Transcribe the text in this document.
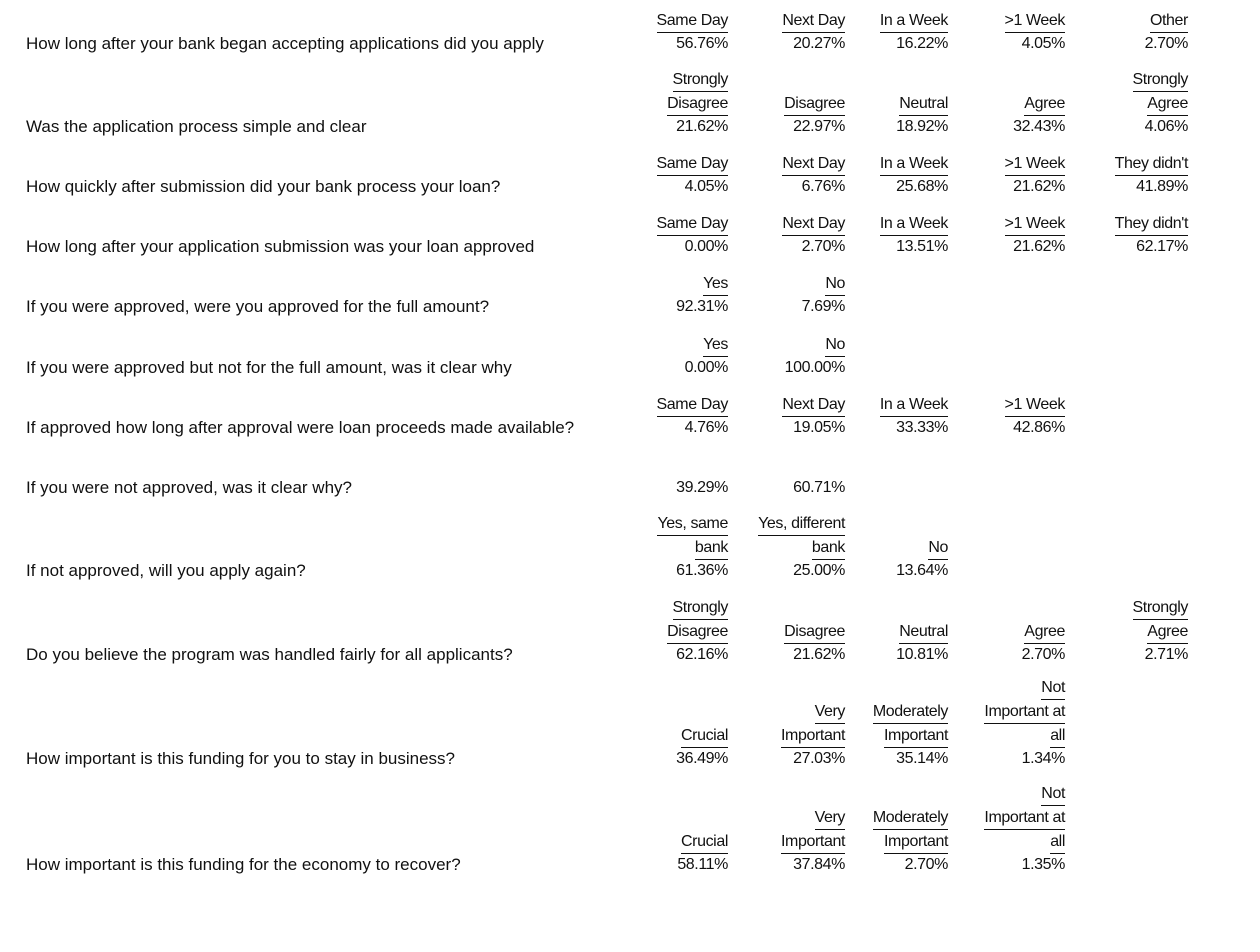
How long after your bank began accepting applications did you apply
Same Day
56.76%
Next Day
20.27%
In a Week
16.22%
>1 Week
4.05%
Other
2.70%
Was the application process simple and clear
Strongly
Disagree
21.62%
Disagree
22.97%
Neutral
18.92%
Agree
32.43%
Strongly
Agree
4.06%
How quickly after submission did your bank process your loan?
Same Day
4.05%
Next Day
6.76%
In a Week
25.68%
>1 Week
21.62%
They didn't
41.89%
How long after your application submission was your loan approved
Same Day
0.00%
Next Day
2.70%
In a Week
13.51%
>1 Week
21.62%
They didn't
62.17%
If you were approved, were you approved for the full amount?
Yes
92.31%
No
7.69%
If you were approved but not for the full amount, was it clear why
Yes
0.00%
No
100.00%
If approved how long after approval were loan proceeds made available?
Same Day
4.76%
Next Day
19.05%
In a Week
33.33%
>1 Week
42.86%
If you were not approved, was it clear why?	39.29%	60.71%
If not approved, will you apply again?
Yes, same
bank
61.36%
Yes, different
bank
25.00%
No
13.64%
Do you believe the program was handled fairly for all applicants?
Strongly
Disagree
62.16%
Disagree
21.62%
Neutral
10.81%
Agree
2.70%
Strongly
Agree
2.71%
How important is this funding for you to stay in business?
Crucial
36.49%
Very
Important
27.03%
Moderately
Important
35.14%
Not
Important at
all
1.34%
How important is this funding for the economy to recover?
Crucial
58.11%
Very
Important
37.84%
Moderately
Important
2.70%
Not
Important at
all
1.35%
